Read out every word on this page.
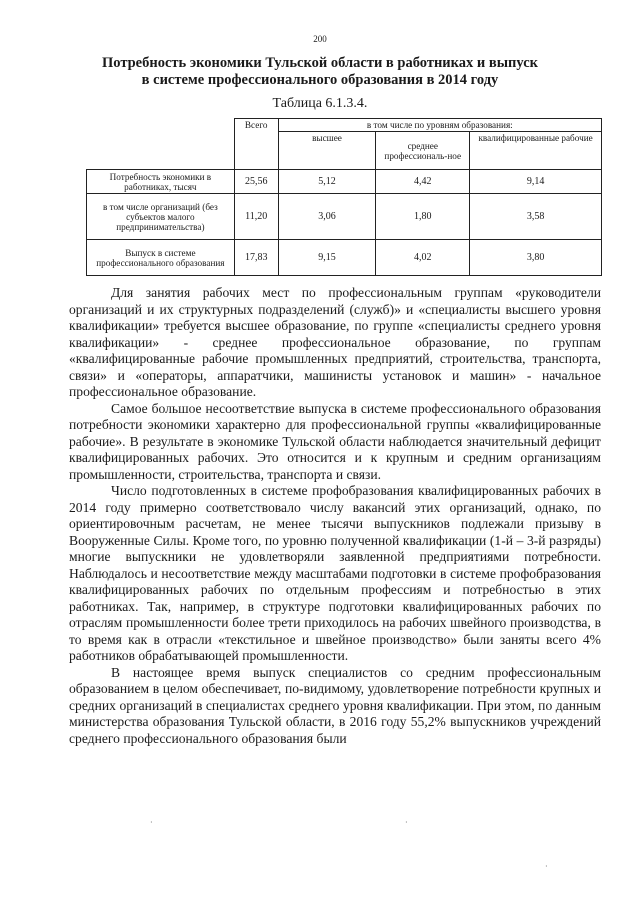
200
Потребность экономики Тульской области в работниках и выпуск в системе профессионального образования в 2014 году
Таблица 6.1.3.4.
	Всего	в том числе по уровням образования:		
		высшее	среднее профессиональ-ное	квалифицированные рабочие
Потребность экономики в работниках, тысяч	25,56	5,12	4,42	9,14
в том числе организаций (без субъектов малого предпринимательства)	11,20	3,06	1,80	3,58
Выпуск в системе профессионального образования	17,83	9,15	4,02	3,80

Для занятия рабочих мест по профессиональным группам «руководители организаций и их структурных подразделений (служб)» и «специалисты высшего уровня квалификации» требуется высшее образование, по группе «специалисты среднего уровня квалификации» - среднее профессиональное образование, по группам «квалифицированные рабочие промышленных предприятий, строительства, транспорта, связи» и «операторы, аппаратчики, машинисты установок и машин» - начальное профессиональное образование.

Самое большое несоответствие выпуска в системе профессионального образования потребности экономики характерно для профессиональной группы «квалифицированные рабочие». В результате в экономике Тульской области наблюдается значительный дефицит квалифицированных рабочих. Это относится и к крупным и средним организациям промышленности, строительства, транспорта и связи.

Число подготовленных в системе профобразования квалифицированных рабочих в 2014 году примерно соответствовало числу вакансий этих организаций, однако, по ориентировочным расчетам, не менее тысячи выпускников подлежали призыву в Вооруженные Силы. Кроме того, по уровню полученной квалификации (1-й – 3-й разряды) многие выпускники не удовлетворяли заявленной предприятиями потребности. Наблюдалось и несоответствие между масштабами подготовки в системе профобразования квалифицированных рабочих по отдельным профессиям и потребностью в этих работниках. Так, например, в структуре подготовки квалифицированных рабочих по отраслям промышленности более трети приходилось на рабочих швейного производства, в то время как в отрасли «текстильное и швейное производство» были заняты всего 4% работников обрабатывающей промышленности.

В настоящее время выпуск специалистов со средним профессиональным образованием в целом обеспечивает, по-видимому, удовлетворение потребности крупных и средних организаций в специалистах среднего уровня квалификации. При этом, по данным министерства образования Тульской области, в 2016 году 55,2% выпускников учреждений среднего профессионального образования были

·	·
·
